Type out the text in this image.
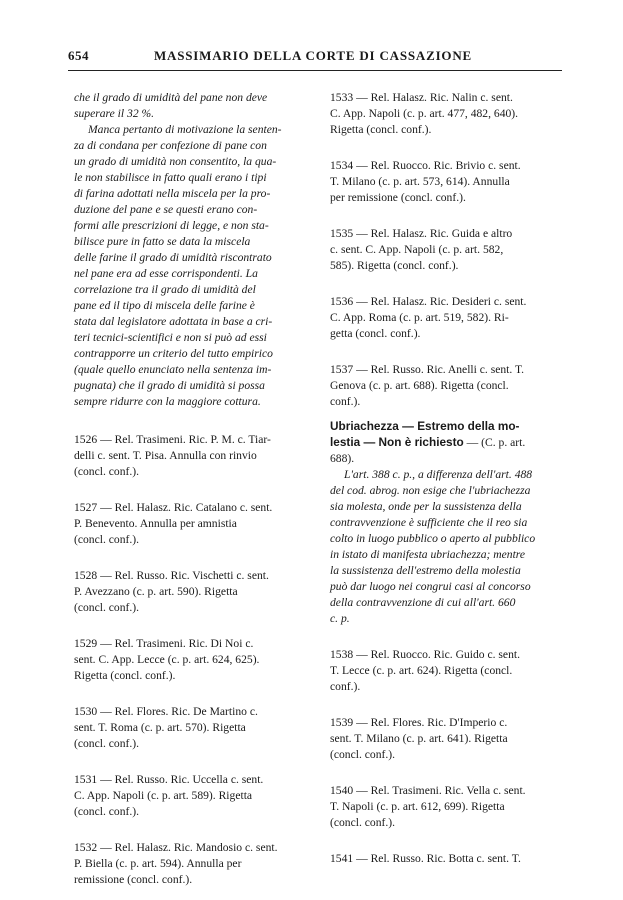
654	MASSIMARIO DELLA CORTE DI CASSAZIONE

che il grado di umidità del pane non deve

superare il 32 %.

Manca pertanto di motivazione la senten-

za di condana per confezione di pane con

un grado di umidità non consentito, la qua-

le non stabilisce in fatto quali erano i tipi

di farina adottati nella miscela per la pro-

duzione del pane e se questi erano con-

formi alle prescrizioni di legge, e non sta-

bilisce pure in fatto se data la miscela

delle farine il grado di umidità riscontrato

nel pane era ad esse corrispondenti. La

correlazione tra il grado di umidità del

pane ed il tipo di miscela delle farine è

stata dal legislatore adottata in base a cri-

teri tecnici-scientifici e non si può ad essi

contrapporre un criterio del tutto empirico

(quale quello enunciato nella sentenza im-

pugnata) che il grado di umidità si possa

sempre ridurre con la maggiore cottura.

1526 — Rel. Trasimeni. Ric. P. M. c. Tiar-

delli c. sent. T. Pisa. Annulla con rinvio

(concl. conf.).

1527 — Rel. Halasz. Ric. Catalano c. sent.

P. Benevento. Annulla per amnistia

(concl. conf.).

1528 — Rel. Russo. Ric. Vischetti c. sent.

P. Avezzano (c. p. art. 590). Rigetta

(concl. conf.).

1529 — Rel. Trasimeni. Ric. Di Noi c.

sent. C. App. Lecce (c. p. art. 624, 625).

Rigetta (concl. conf.).

1530 — Rel. Flores. Ric. De Martino c.

sent. T. Roma (c. p. art. 570). Rigetta

(concl. conf.).

1531 — Rel. Russo. Ric. Uccella c. sent.

C. App. Napoli (c. p. art. 589). Rigetta

(concl. conf.).

1532 — Rel. Halasz. Ric. Mandosio c. sent.

P. Biella (c. p. art. 594). Annulla per

remissione (concl. conf.).

1533 — Rel. Halasz. Ric. Nalin c. sent.

C. App. Napoli (c. p. art. 477, 482, 640).

Rigetta (concl. conf.).

1534 — Rel. Ruocco. Ric. Brivio c. sent.

T. Milano (c. p. art. 573, 614). Annulla

per remissione (concl. conf.).

1535 — Rel. Halasz. Ric. Guida e altro

c. sent. C. App. Napoli (c. p. art. 582,

585). Rigetta (concl. conf.).

1536 — Rel. Halasz. Ric. Desideri c. sent.

C. App. Roma (c. p. art. 519, 582). Ri-

getta (concl. conf.).

1537 — Rel. Russo. Ric. Anelli c. sent. T.

Genova (c. p. art. 688). Rigetta (concl.

conf.).

Ubriachezza — Estremo della mo-

lestia — Non è richiesto — (C. p. art.

688).

L'art. 388 c. p., a differenza dell'art. 488

del cod. abrog. non esige che l'ubriachezza

sia molesta, onde per la sussistenza della

contravvenzione è sufficiente che il reo sia

colto in luogo pubblico o aperto al pubblico

in istato di manifesta ubriachezza; mentre

la sussistenza dell'estremo della molestia

può dar luogo nei congrui casi al concorso

della contravvenzione di cui all'art. 660

c. p.

1538 — Rel. Ruocco. Ric. Guido c. sent.

T. Lecce (c. p. art. 624). Rigetta (concl.

conf.).

1539 — Rel. Flores. Ric. D'Imperio c.

sent. T. Milano (c. p. art. 641). Rigetta

(concl. conf.).

1540 — Rel. Trasimeni. Ric. Vella c. sent.

T. Napoli (c. p. art. 612, 699). Rigetta

(concl. conf.).

1541 — Rel. Russo. Ric. Botta c. sent. T.
